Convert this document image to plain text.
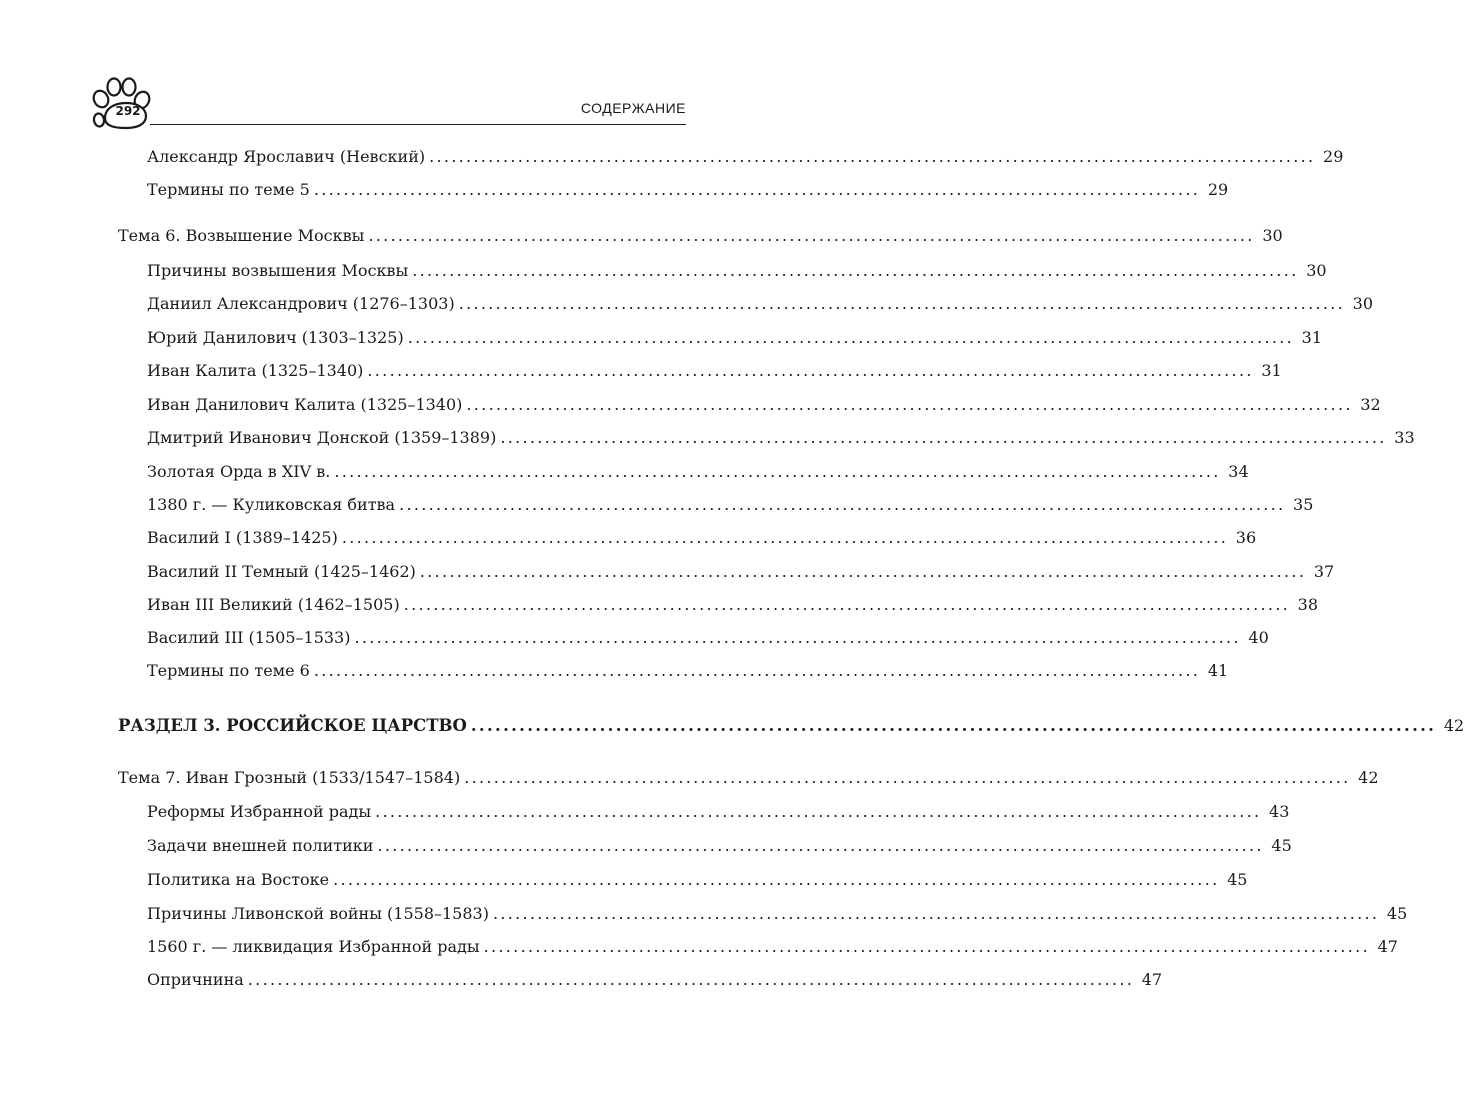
292	СОДЕРЖАНИЕ
Александр Ярославич (Невский) ........................................................................................................................ 29
Термины по теме 5 ........................................................................................................................ 29
Тема 6. Возвышение Москвы ........................................................................................................................ 30
Причины возвышения Москвы ........................................................................................................................ 30
Даниил Александрович (1276–1303) ........................................................................................................................ 30
Юрий Данилович (1303–1325) ........................................................................................................................ 31
Иван Калита (1325–1340) ........................................................................................................................ 31
Иван Данилович Калита (1325–1340) ........................................................................................................................ 32
Дмитрий Иванович Донской (1359–1389) ........................................................................................................................ 33
Золотая Орда в XIV в. ........................................................................................................................ 34
1380 г. — Куликовская битва ........................................................................................................................ 35
Василий I (1389–1425) ........................................................................................................................ 36
Василий II Темный (1425–1462) ........................................................................................................................ 37
Иван III Великий (1462–1505) ........................................................................................................................ 38
Василий III (1505–1533) ........................................................................................................................ 40
Термины по теме 6 ........................................................................................................................ 41
РАЗДЕЛ 3. РОССИЙСКОЕ ЦАРСТВО ........................................................................................................................ 42
Тема 7. Иван Грозный (1533/1547–1584) ........................................................................................................................ 42
Реформы Избранной рады ........................................................................................................................ 43
Задачи внешней политики ........................................................................................................................ 45
Политика на Востоке ........................................................................................................................ 45
Причины Ливонской войны (1558–1583) ........................................................................................................................ 45
1560 г. — ликвидация Избранной рады ........................................................................................................................ 47
Опричнина ........................................................................................................................ 47
